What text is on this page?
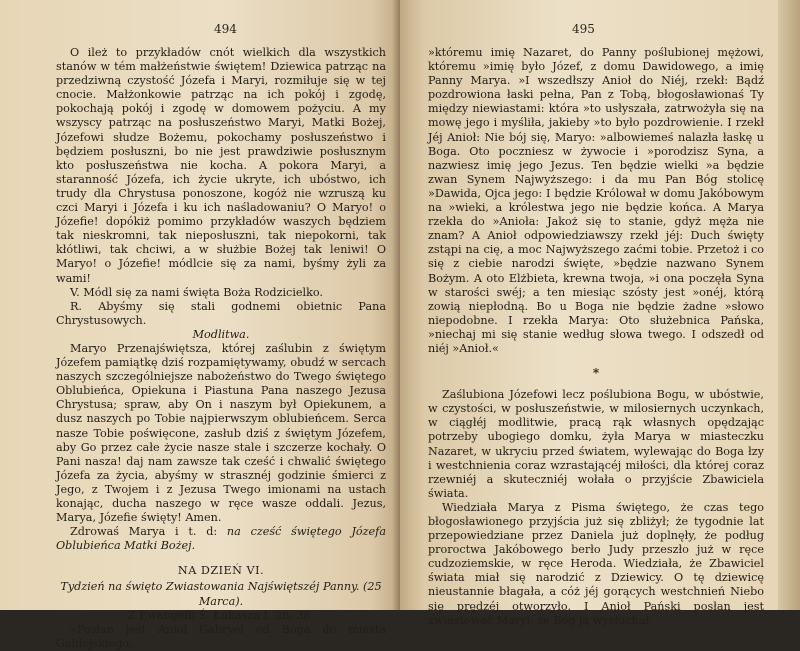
494

O ileż to przykładów cnót wielkich dla wszystkich stanów w tém małżeństwie świętem! Dziewica patrząc na przedziwną czystość Józefa i Maryi, rozmiłuje się w tej cnocie. Małżonkowie patrząc na ich pokój i zgodę, pokochają pokój i zgodę w domowem pożyciu. A my wszyscy patrząc na posłuszeństwo Maryi, Matki Bożej, Józefowi słudze Bożemu, pokochamy posłuszeństwo i będziem posłuszni, bo nie jest prawdziwie posłusznym kto posłuszeństwa nie kocha. A pokora Maryi, a staranność Józefa, ich życie ukryte, ich ubóstwo, ich trudy dla Chrystusa ponoszone, kogóż nie wzruszą ku czci Maryi i Józefa i ku ich naśladowaniu? O Maryo! o Józefie! dopókiż pomimo przykładów waszych będziem tak nieskromni, tak nieposłuszni, tak niepokorni, tak kłótliwi, tak chciwi, a w służbie Bożej tak leniwi! O Maryo! o Józefie! módlcie się za nami, byśmy żyli za wami!

V. Módl się za nami święta Boża Rodzicielko.

R. Abyśmy się stali godnemi obietnic Pana Chrystusowych.

Modlitwa.

Maryo Przenajświętsza, której zaślubin z świętym Józefem pamiątkę dziś rozpamiętywamy, obudź w sercach naszych szczególniejsze nabożeństwo do Twego świętego Oblubieńca, Opiekuna i Piastuna Pana naszego Jezusa Chrystusa; spraw, aby On i naszym był Opiekunem, a dusz naszych po Tobie najpierwszym oblubieńcem. Serca nasze Tobie poświęcone, zasłub dziś z świętym Józefem, aby Go przez całe życie nasze stale i szczerze kochały. O Pani nasza! daj nam zawsze tak cześć i chwalić świętego Józefa za życia, abyśmy w strasznéj godzinie śmierci z Jego, z Twojem i z Jezusa Twego imionami na ustach konając, ducha naszego w ręce wasze oddali. Jezus, Marya, Józefie święty! Amen.

Zdrowaś Marya i t. d: na cześć świętego Józefa Oblubieńca Matki Bożej.

NA DZIEŃ VI.

Tydzień na święto Zwiastowania Najświętszéj Panny. (25 Marca).

Z Ewangelii Ś. Łukasza I, 26, 38.

»Posłan jest Anioł Gabryel od Boga do miasta Galilejskiego,

495

»któremu imię Nazaret, do Panny poślubionej mężowi, któremu »imię było Józef, z domu Dawidowego, a imię Panny Marya. »I wszedłszy Anioł do Niéj, rzekł: Bądź pozdrowiona łaski pełna, Pan z Tobą, błogosławionaś Ty między niewiastami: która »to usłyszała, zatrwożyła się na mowę jego i myśliła, jakieby »to było pozdrowienie. I rzekł Jéj Anioł: Nie bój się, Maryo: »albowiemeś nalazła łaskę u Boga. Oto poczniesz w żywocie i »porodzisz Syna, a nazwiesz imię jego Jezus. Ten będzie wielki »a będzie zwan Synem Najwyższego: i da mu Pan Bóg stolicę »Dawida, Ojca jego: I będzie Królował w domu Jakóbowym na »wieki, a królestwa jego nie będzie końca. A Marya rzekła do »Anioła: Jakoż się to stanie, gdyż męża nie znam? A Anioł odpowiedziawszy rzekł jéj: Duch święty zstąpi na cię, a moc Najwyższego zaćmi tobie. Przetoż i co się z ciebie narodzi święte, »będzie nazwano Synem Bożym. A oto Elżbieta, krewna twoja, »i ona poczęła Syna w starości swéj; a ten miesiąc szósty jest »onéj, którą zowią niepłodną. Bo u Boga nie będzie żadne »słowo niepodobne. I rzekła Marya: Oto służebnica Pańska, »niechaj mi się stanie według słowa twego. I odszedł od niéj »Anioł.«

*

Zaślubiona Józefowi lecz poślubiona Bogu, w ubóstwie, w czystości, w posłuszeństwie, w milosiernych uczynkach, w ciągłéj modlitwie, pracą rąk własnych opędzając potrzeby ubogiego domku, żyła Marya w miasteczku Nazaret, w ukryciu przed światem, wylewając do Boga łzy i westchnienia coraz wzrastającéj miłości, dla której coraz rzewniéj a skuteczniéj wołała o przyjście Zbawiciela świata.

Wiedziała Marya z Pisma świętego, że czas tego błogosławionego przyjścia już się zbliżył; że tygodnie lat przepowiedziane przez Daniela już doplnęły, że podług proroctwa Jakóbowego berło Judy przeszło już w ręce cudzoziemskie, w ręce Heroda. Wiedziała, że Zbawiciel świata miał się narodzić z Dziewicy. O tę dziewicę nieustannie błagała, a cóż jéj gorących westchnień Niebo się prędzéj otworzyło. I Anioł Pański posłan jest zwiastować Maryi, że Bóg ją wysłuchał.
